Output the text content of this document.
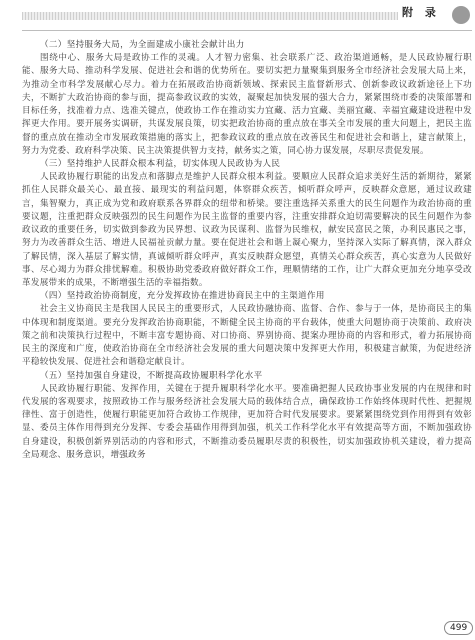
附 录

（二）坚持服务大局，为全面建成小康社会献计出力

围绕中心、服务大局是政协工作的灵魂。人才智力密集、社会联系广泛、政治渠道通畅，是人民政协履行职能、服务大局、推动科学发展、促进社会和谐的优势所在。要切实把力量聚集到服务全市经济社会发展大局上来，为推动全市科学发展献心尽力。着力在拓展政治协商新领域、探索民主监督新形式、创新参政议政新途径上下功夫，不断扩大政治协商的参与面，提高参政议政的实效，凝聚起加快发展的强大合力，紧紧围绕市委的决策部署和目标任务，找准着力点、选准关键点，使政协工作在推动实力宜藏、活力宜藏、美丽宜藏、幸福宜藏建设进程中发挥更大作用。要开展务实调研，共谋发展良策，切实把政治协商的重点放在事关全市发展的重大问题上，把民主监督的重点放在推动全市发展政策措施的落实上，把参政议政的重点放在改善民生和促进社会和谐上，建言献策上，努力为党委、政府科学决策、民主决策提供智力支持，献务实之策，同心协力谋发展，尽职尽责促发展。

（三）坚持维护人民群众根本利益，切实体现人民政协为人民

人民政协履行职能的出发点和落脚点是维护人民群众根本利益。要顺应人民群众追求美好生活的新期待，紧紧抓住人民群众最关心、最直接、最现实的利益问题，体察群众疾苦，倾听群众呼声，反映群众意愿，通过议政建言，集智聚力，真正成为党和政府联系各界群众的纽带和桥梁。要注重选择关系重大的民生问题作为政治协商的重要议题，注重把群众反映强烈的民生问题作为民主监督的重要内容，注重安排群众迫切需要解决的民生问题作为参政议政的重要任务，切实做到参政为民界想、议政为民谋利、监督为民维权，献安民富民之策，办利民惠民之事，努力为改善群众生活、增进人民福祉贡献力量。要在促进社会和谐上凝心聚力，坚持深入实际了解真情，深入群众了解民情，深入基层了解实情，真诚倾听群众呼声，真实反映群众愿望，真情关心群众疾苦，真心实意为人民做好事、尽心竭力为群众排忧解难。积极协助党委政府做好群众工作，理顺情绪的工作，让广大群众更加充分地享受改革发展带来的成果，不断增强生活的幸福指数。

（四）坚持政治协商制度，充分发挥政协在推进协商民主中的主渠道作用

社会主义协商民主是我国人民民主的重要形式，人民政协融协商、监督、合作、参与于一体，是协商民主的集中体现和制度渠道。要充分发挥政治协商职能，不断健全民主协商的平台载体，使重大问题协商于决策前、政府决策之前和决策执行过程中，不断丰富专题协商、对口协商、界别协商、提案办理协商的内容和形式，着力拓展协商民主的深度和广度，使政治协商在全市经济社会发展的重大问题决策中发挥更大作用，积极建言献策，为促进经济平稳较快发展、促进社会和谐稳定献良计。

（五）坚持加强自身建设，不断提高政协履职科学化水平

人民政协履行职能、发挥作用，关键在于提升履职科学化水平。要准确把握人民政协事业发展的内在规律和时代发展的客观要求，按照政协工作与服务经济社会发展大局的载体结合点，确保政协工作始终体现时代性、把握规律性、富于创造性，使履行职能更加符合政协工作规律，更加符合时代发展要求。要紧紧围绕党到作用得到有效彰显、委员主体作用得到充分发挥、专委会基础作用得到加强，机关工作科学化水平有效提高等方面，不断加强政协自身建设，积极创新界别活动的内容和形式，不断推动委员履职尽责的积极性，切实加强政协机关建设，着力提高全局观念、服务意识，增强政务

499
